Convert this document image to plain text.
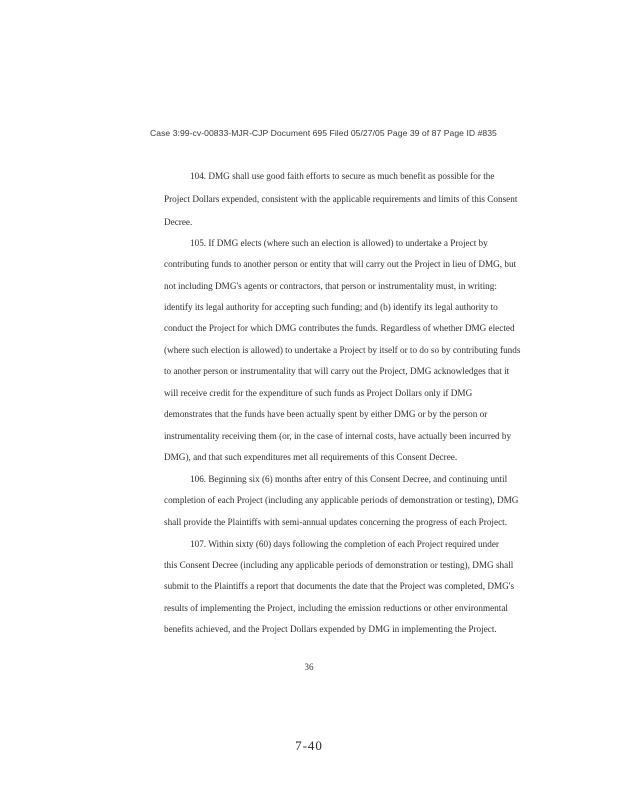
Case 3:99-cv-00833-MJR-CJP Document 695 Filed 05/27/05 Page 39 of 87 Page ID #835
104. DMG shall use good faith efforts to secure as much benefit as possible for the
Project Dollars expended, consistent with the applicable requirements and limits of this Consent
Decree.
105. If DMG elects (where such an election is allowed) to undertake a Project by
contributing funds to another person or entity that will carry out the Project in lieu of DMG, but
not including DMG's agents or contractors, that person or instrumentality must, in writing:
identify its legal authority for accepting such funding; and (b) identify its legal authority to
conduct the Project for which DMG contributes the funds. Regardless of whether DMG elected
(where such election is allowed) to undertake a Project by itself or to do so by contributing funds
to another person or instrumentality that will carry out the Project, DMG acknowledges that it
will receive credit for the expenditure of such funds as Project Dollars only if DMG
demonstrates that the funds have been actually spent by either DMG or by the person or
instrumentality receiving them (or, in the case of internal costs, have actually been incurred by
DMG), and that such expenditures met all requirements of this Consent Decree.
106. Beginning six (6) months after entry of this Consent Decree, and continuing until
completion of each Project (including any applicable periods of demonstration or testing), DMG
shall provide the Plaintiffs with semi-annual updates concerning the progress of each Project.
107. Within sixty (60) days following the completion of each Project required under
this Consent Decree (including any applicable periods of demonstration or testing), DMG shall
submit to the Plaintiffs a report that documents the date that the Project was completed, DMG's
results of implementing the Project, including the emission reductions or other environmental
benefits achieved, and the Project Dollars expended by DMG in implementing the Project.
36
7-40
